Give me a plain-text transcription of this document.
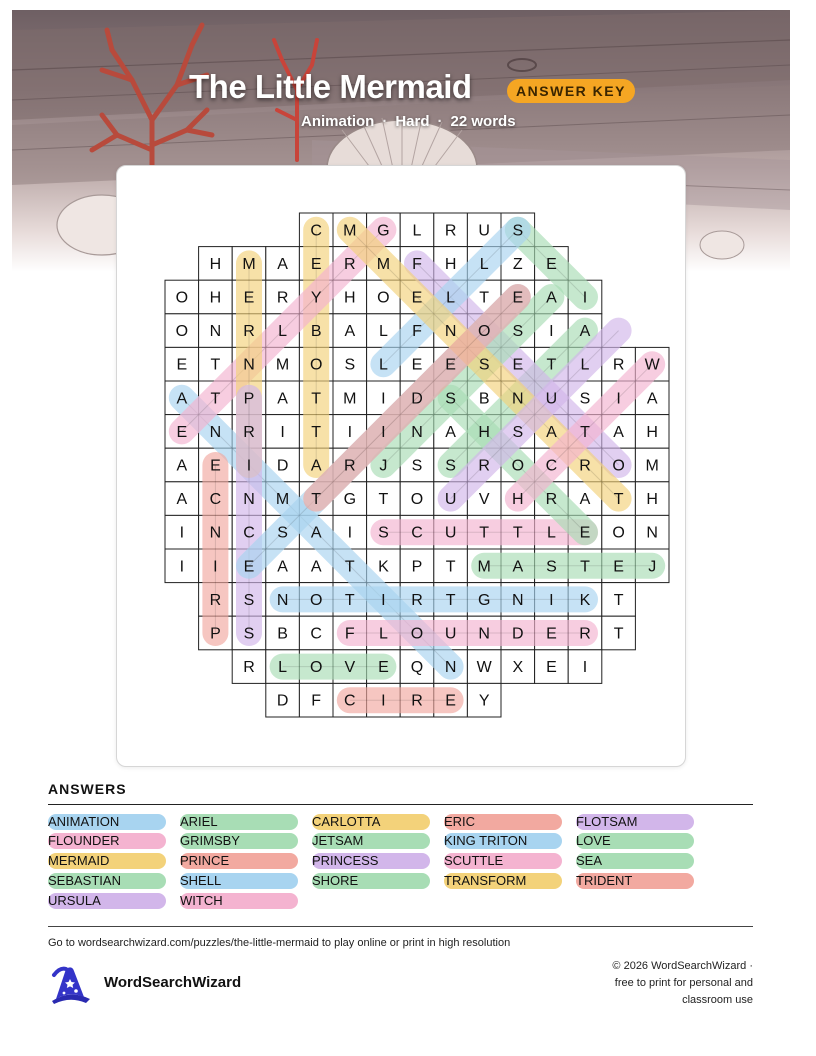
The Little Mermaid	ANSWER KEY
Animation · Hard · 22 words
C M G L R U S
H M A E R M F H L Z E
O H E R Y H O E L T E A I
O N R L B A L F N O S I A
E T N M O S L E E S E T L R W
A T P A T M I D S B N U S I A
E N R I T I I N A H S A T A H
A E I D A R J S S R O C R O M
A C N M T G T O U V H R A T H
I N C S A I S C U T T L E O N
I I E A A T K P T M A S T E J
R S N O T I R T G N I K T
P S B C F L O U N D E R T
R L O V E Q N W X E I
D F C I R E Y
ANSWERS
ANIMATION	ARIEL	CARLOTTA	ERIC	FLOTSAM
FLOUNDER	GRIMSBY	JETSAM	KING TRITON	LOVE
MERMAID	PRINCE	PRINCESS	SCUTTLE	SEA
SEBASTIAN	SHELL	SHORE	TRANSFORM	TRIDENT
URSULA	WITCH
Go to wordsearchwizard.com/puzzles/the-little-mermaid to play online or print in high resolution
WordSearchWizard
© 2026 WordSearchWizard ·
free to print for personal and
classroom use
